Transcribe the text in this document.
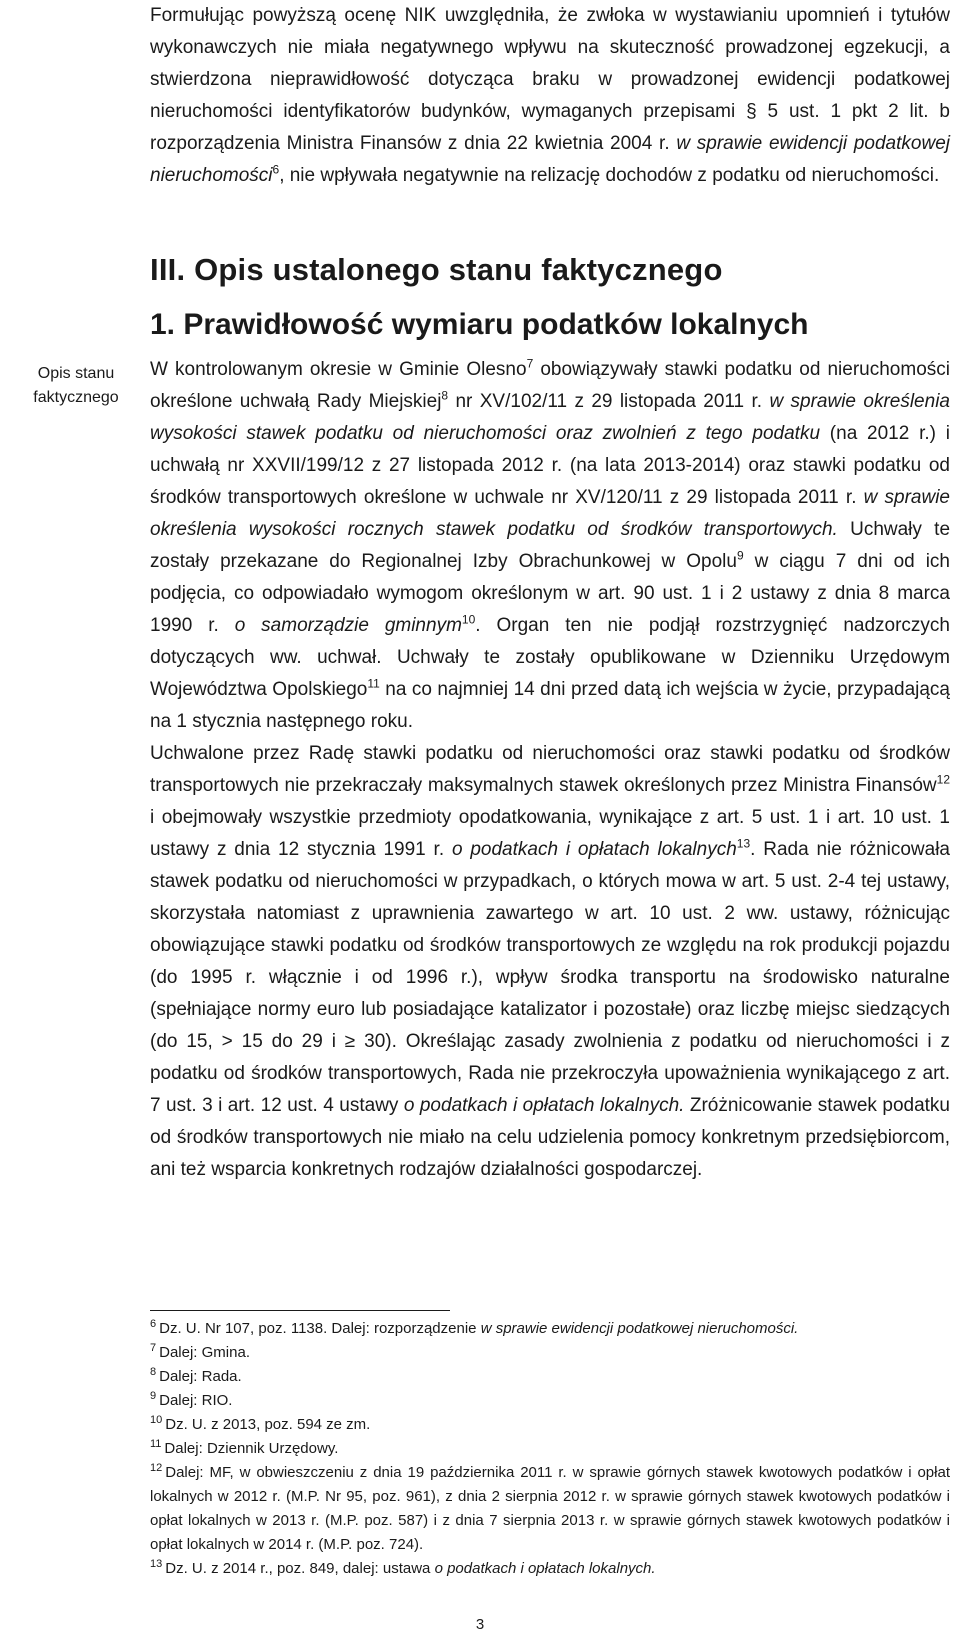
Formułując powyższą ocenę NIK uwzględniła, że zwłoka w wystawianiu upomnień i tytułów wykonawczych nie miała negatywnego wpływu na skuteczność prowadzonej egzekucji, a stwierdzona nieprawidłowość dotycząca braku w prowadzonej ewidencji podatkowej nieruchomości identyfikatorów budynków, wymaganych przepisami § 5 ust. 1 pkt 2 lit. b rozporządzenia Ministra Finansów z dnia 22 kwietnia 2004 r. w sprawie ewidencji podatkowej nieruchomości$^6$, nie wpływała negatywnie na relizację dochodów z podatku od nieruchomości.

III. Opis ustalonego stanu faktycznego
1. Prawidłowość wymiaru podatków lokalnych
Opis stanu faktycznego

W kontrolowanym okresie w Gminie Olesno$^7$ obowiązywały stawki podatku od nieruchomości określone uchwałą Rady Miejskiej$^8$ nr XV/102/11 z 29 listopada 2011 r. w sprawie określenia wysokości stawek podatku od nieruchomości oraz zwolnień z tego podatku (na 2012 r.) i uchwałą nr XXVII/199/12 z 27 listopada 2012 r. (na lata 2013-2014) oraz stawki podatku od środków transportowych określone w uchwale nr XV/120/11 z 29 listopada 2011 r. w sprawie określenia wysokości rocznych stawek podatku od środków transportowych. Uchwały te zostały przekazane do Regionalnej Izby Obrachunkowej w Opolu$^9$ w ciągu 7 dni od ich podjęcia, co odpowiadało wymogom określonym w art. 90 ust. 1 i 2 ustawy z dnia 8 marca 1990 r. o samorządzie gminnym$^{10}$. Organ ten nie podjął rozstrzygnięć nadzorczych dotyczących ww. uchwał. Uchwały te zostały opublikowane w Dzienniku Urzędowym Województwa Opolskiego$^{11}$ na co najmniej 14 dni przed datą ich wejścia w życie, przypadającą na 1 stycznia następnego roku.

Uchwalone przez Radę stawki podatku od nieruchomości oraz stawki podatku od środków transportowych nie przekraczały maksymalnych stawek określonych przez Ministra Finansów$^{12}$ i obejmowały wszystkie przedmioty opodatkowania, wynikające z art. 5 ust. 1 i art. 10 ust. 1 ustawy z dnia 12 stycznia 1991 r. o podatkach i opłatach lokalnych$^{13}$. Rada nie różnicowała stawek podatku od nieruchomości w przypadkach, o których mowa w art. 5 ust. 2-4 tej ustawy, skorzystała natomiast z uprawnienia zawartego w art. 10 ust. 2 ww. ustawy, różnicując obowiązujące stawki podatku od środków transportowych ze względu na rok produkcji pojazdu (do 1995 r. włącznie i od 1996 r.), wpływ środka transportu na środowisko naturalne (spełniające normy euro lub posiadające katalizator i pozostałe) oraz liczbę miejsc siedzących (do 15, > 15 do 29 i ≥ 30). Określając zasady zwolnienia z podatku od nieruchomości i z podatku od środków transportowych, Rada nie przekroczyła upoważnienia wynikającego z art. 7 ust. 3 i art. 12 ust. 4 ustawy o podatkach i opłatach lokalnych. Zróżnicowanie stawek podatku od środków transportowych nie miało na celu udzielenia pomocy konkretnym przedsiębiorcom, ani też wsparcia konkretnych rodzajów działalności gospodarczej.

$^6$ Dz. U. Nr 107, poz. 1138. Dalej: rozporządzenie w sprawie ewidencji podatkowej nieruchomości.

$^7$ Dalej: Gmina.

$^8$ Dalej: Rada.

$^9$ Dalej: RIO.

$^{10}$ Dz. U. z 2013, poz. 594 ze zm.

$^{11}$ Dalej: Dziennik Urzędowy.

$^{12}$ Dalej: MF, w obwieszczeniu z dnia 19 października 2011 r. w sprawie górnych stawek kwotowych podatków i opłat lokalnych w 2012 r. (M.P. Nr 95, poz. 961), z dnia 2 sierpnia 2012 r. w sprawie górnych stawek kwotowych podatków i opłat lokalnych w 2013 r. (M.P. poz. 587) i z dnia 7 sierpnia 2013 r. w sprawie górnych stawek kwotowych podatków i opłat lokalnych w 2014 r. (M.P. poz. 724).

$^{13}$ Dz. U. z 2014 r., poz. 849, dalej: ustawa o podatkach i opłatach lokalnych.

3
